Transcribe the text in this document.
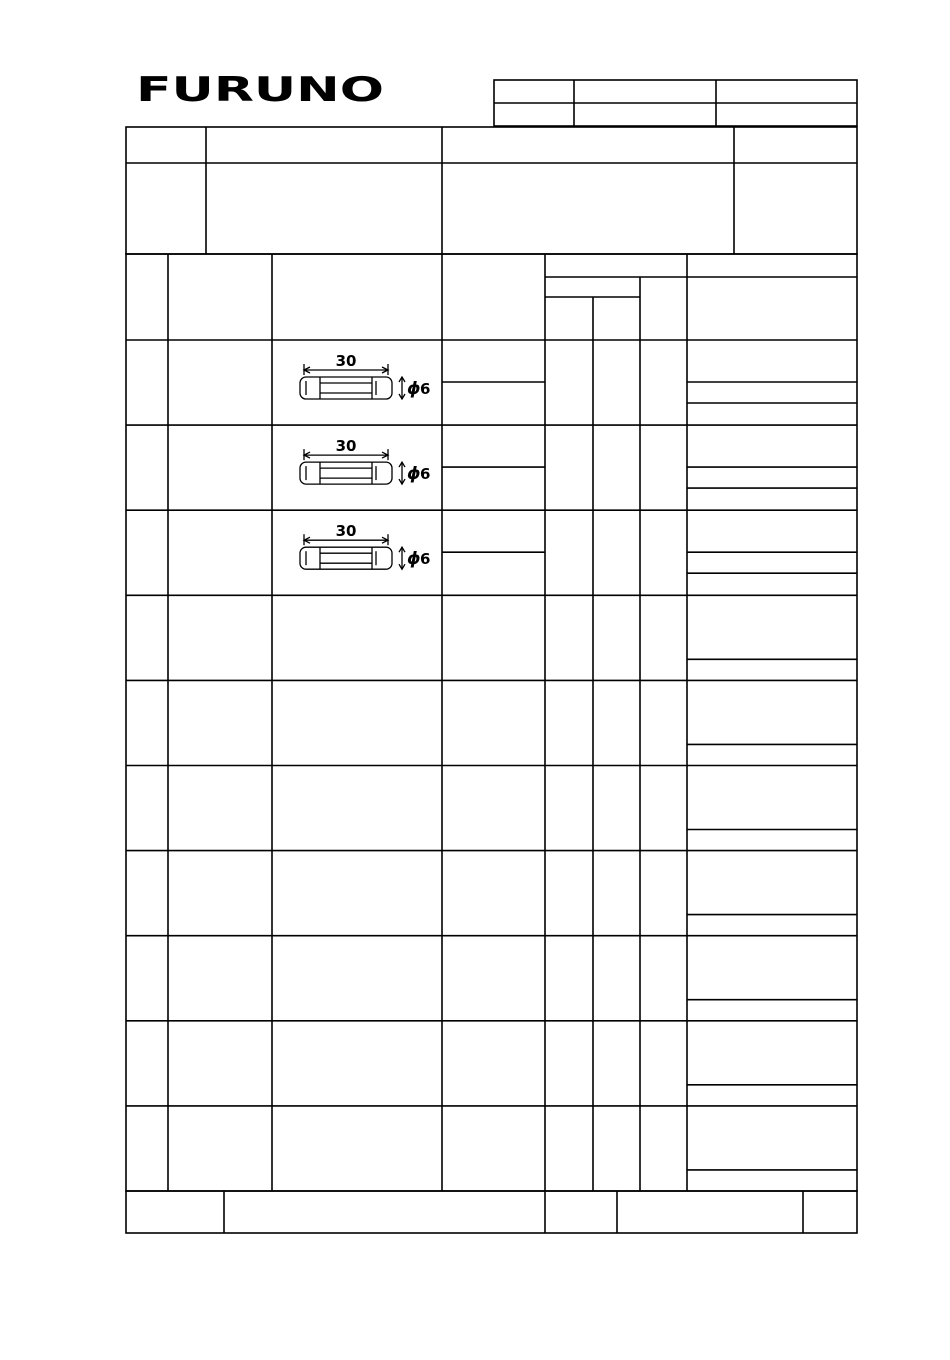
FURUNO
30
ϕ 6
30
ϕ 6
30
ϕ 6
